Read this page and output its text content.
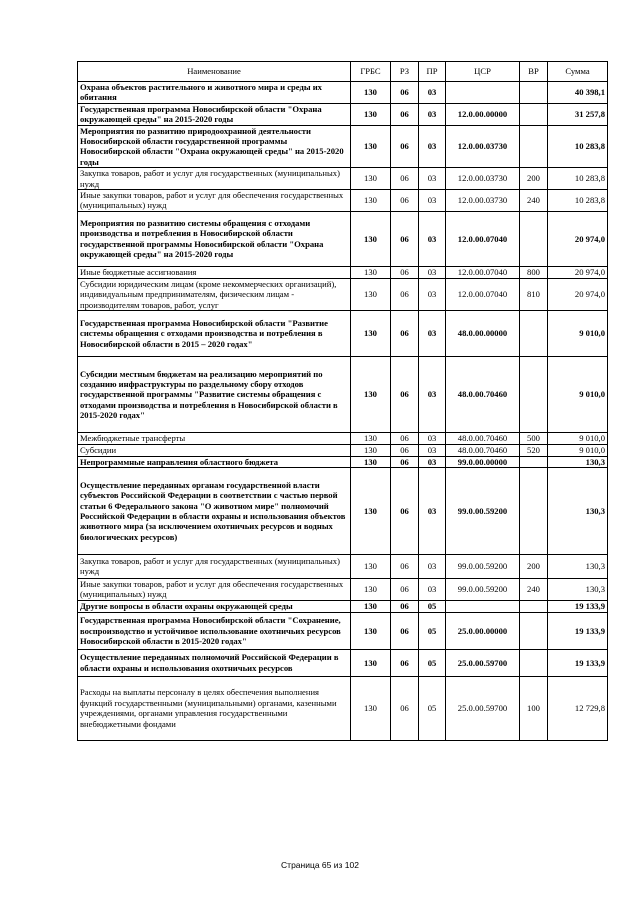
Наименование	ГРБС	РЗ	ПР	ЦСР	ВР	Сумма
Охрана объектов растительного и животного мира и среды их обитания	130	06	03			40 398,1
Государственная программа Новосибирской области "Охрана окружающей среды" на 2015-2020 годы	130	06	03	12.0.00.00000		31 257,8
Мероприятия по развитию природоохранной деятельности Новосибирской области государственной программы Новосибирской области "Охрана окружающей среды" на 2015-2020 годы	130	06	03	12.0.00.03730		10 283,8
Закупка товаров, работ и услуг для государственных (муниципальных) нужд	130	06	03	12.0.00.03730	200	10 283,8
Иные закупки товаров, работ и услуг для обеспечения государственных (муниципальных) нужд	130	06	03	12.0.00.03730	240	10 283,8
Мероприятия по развитию системы обращения с отходами производства и потребления в Новосибирской области государственной программы Новосибирской области "Охрана окружающей среды" на 2015-2020 годы	130	06	03	12.0.00.07040		20 974,0
Иные бюджетные ассигнования	130	06	03	12.0.00.07040	800	20 974,0
Субсидии юридическим лицам (кроме некоммерческих организаций), индивидуальным предпринимателям, физическим лицам - производителям товаров, работ, услуг	130	06	03	12.0.00.07040	810	20 974,0
Государственная программа Новосибирской области "Развитие системы обращения с отходами производства и потребления в Новосибирской области в 2015 – 2020 годах"	130	06	03	48.0.00.00000		9 010,0
Субсидии местным бюджетам на реализацию мероприятий по созданию инфраструктуры по раздельному сбору отходов государственной программы "Развитие системы обращения с отходами производства и потребления в Новосибирской области в 2015-2020 годах"	130	06	03	48.0.00.70460		9 010,0
Межбюджетные трансферты	130	06	03	48.0.00.70460	500	9 010,0
Субсидии	130	06	03	48.0.00.70460	520	9 010,0
Непрограммные направления областного бюджета	130	06	03	99.0.00.00000		130,3
Осуществление переданных органам государственной власти субъектов Российской Федерации в соответствии с частью первой статьи 6 Федерального закона "О животном мире" полномочий Российской Федерации в области охраны и использования объектов животного мира (за исключением охотничьих ресурсов и водных биологических ресурсов)	130	06	03	99.0.00.59200		130,3
Закупка товаров, работ и услуг для государственных (муниципальных) нужд	130	06	03	99.0.00.59200	200	130,3
Иные закупки товаров, работ и услуг для обеспечения государственных (муниципальных) нужд	130	06	03	99.0.00.59200	240	130,3
Другие вопросы в области охраны окружающей среды	130	06	05			19 133,9
Государственная программа Новосибирской области "Сохранение, воспроизводство и устойчивое использование охотничьих ресурсов Новосибирской области в 2015-2020 годах"	130	06	05	25.0.00.00000		19 133,9
Осуществление переданных полномочий Российской Федерации в области охраны и использования охотничьих ресурсов	130	06	05	25.0.00.59700		19 133,9
Расходы на выплаты персоналу в целях обеспечения выполнения функций государственными (муниципальными) органами, казенными учреждениями, органами управления государственными внебюджетными фондами	130	06	05	25.0.00.59700	100	12 729,8
Страница 65 из 102
